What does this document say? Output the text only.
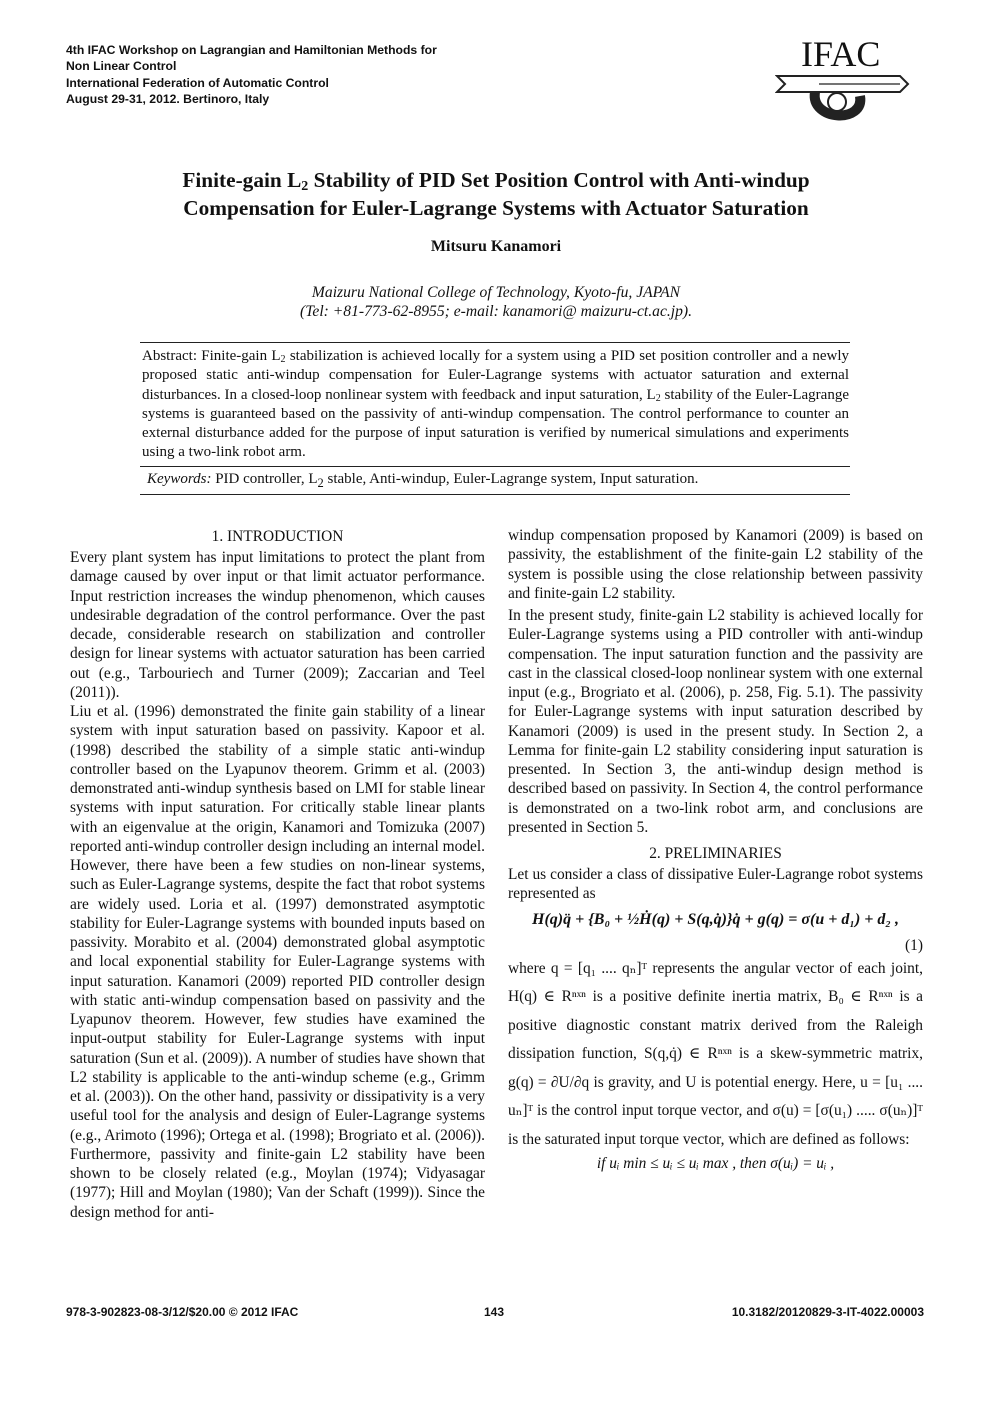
4th IFAC Workshop on Lagrangian and Hamiltonian Methods for
Non Linear Control
International Federation of Automatic Control
August 29-31, 2012. Bertinoro, Italy
IFAC
Finite-gain $L_2$ Stability of PID Set Position Control with Anti-windup
Compensation for Euler-Lagrange Systems with Actuator Saturation
Mitsuru Kanamori
Maizuru National College of Technology, Kyoto-fu, JAPAN
(Tel: +81-773-62-8955; e-mail: kanamori@ maizuru-ct.ac.jp).
Abstract: Finite-gain $L_2$ stabilization is achieved locally for a system using a PID set position controller and a newly proposed static anti-windup compensation for Euler-Lagrange systems with actuator saturation and external disturbances. In a closed-loop nonlinear system with feedback and input saturation, $L_2$ stability of the Euler-Lagrange systems is guaranteed based on the passivity of anti-windup compensation. The control performance to counter an external disturbance added for the purpose of input saturation is verified by numerical simulations and experiments using a two-link robot arm.
Keywords: PID controller, $L_2$ stable, Anti-windup, Euler-Lagrange system, Input saturation.

1. INTRODUCTION

Every plant system has input limitations to protect the plant from damage caused by over input or that limit actuator performance. Input restriction increases the windup phenomenon, which causes undesirable degradation of the control performance. Over the past decade, considerable research on stabilization and controller design for linear systems with actuator saturation has been carried out (e.g., Tarbouriech and Turner (2009); Zaccarian and Teel (2011)).

Liu et al. (1996) demonstrated the finite gain stability of a linear system with input saturation based on passivity. Kapoor et al. (1998) described the stability of a simple static anti-windup controller based on the Lyapunov theorem. Grimm et al. (2003) demonstrated anti-windup synthesis based on LMI for stable linear systems with input saturation. For critically stable linear plants with an eigenvalue at the origin, Kanamori and Tomizuka (2007) reported anti-windup controller design including an internal model. However, there have been a few studies on non-linear systems, such as Euler-Lagrange systems, despite the fact that robot systems are widely used. Loria et al. (1997) demonstrated asymptotic stability for Euler-Lagrange systems with bounded inputs based on passivity. Morabito et al. (2004) demonstrated global asymptotic and local exponential stability for Euler-Lagrange systems with input saturation. Kanamori (2009) reported PID controller design with static anti-windup compensation based on passivity and the Lyapunov theorem. However, few studies have examined the input-output stability for Euler-Lagrange systems with input saturation (Sun et al. (2009)). A number of studies have shown that L2 stability is applicable to the anti-windup scheme (e.g., Grimm et al. (2003)). On the other hand, passivity or dissipativity is a very useful tool for the analysis and design of Euler-Lagrange systems (e.g., Arimoto (1996); Ortega et al. (1998); Brogriato et al. (2006)). Furthermore, passivity and finite-gain L2 stability have been shown to be closely related (e.g., Moylan (1974); Vidyasagar (1977); Hill and Moylan (1980); Van der Schaft (1999)). Since the design method for anti-

windup compensation proposed by Kanamori (2009) is based on passivity, the establishment of the finite-gain L2 stability of the system is possible using the close relationship between passivity and finite-gain L2 stability.

In the present study, finite-gain L2 stability is achieved locally for Euler-Lagrange systems using a PID controller with anti-windup compensation. The input saturation function and the passivity are cast in the classical closed-loop nonlinear system with one external input (e.g., Brogriato et al. (2006), p. 258, Fig. 5.1). The passivity for Euler-Lagrange systems with input saturation described by Kanamori (2009) is used in the present study. In Section 2, a Lemma for finite-gain L2 stability considering input saturation is presented. In Section 3, the anti-windup design method is described based on passivity. In Section 4, the control performance is demonstrated on a two-link robot arm, and conclusions are presented in Section 5.

2. PRELIMINARIES

Let us consider a class of dissipative Euler-Lagrange robot systems represented as

H(q)q̈ + {B₀ + ½Ḣ(q) + S(q,q̇)}q̇ + g(q) = σ(u + d₁) + d₂ ,

(1)

where q = [q₁ .... qₙ]ᵀ represents the angular vector of each joint, H(q) ∈ Rⁿˣⁿ is a positive definite inertia matrix, B₀ ∈ Rⁿˣⁿ is a positive diagnostic constant matrix derived from the Raleigh dissipation function, S(q,q̇) ∈ Rⁿˣⁿ is a skew-symmetric matrix, g(q) = ∂U/∂q is gravity, and U is potential energy. Here, u = [u₁ .... uₙ]ᵀ is the control input torque vector, and σ(u) = [σ(u₁) ..... σ(uₙ)]ᵀ is the saturated input torque vector, which are defined as follows:

if uᵢ min ≤ uᵢ ≤ uᵢ max , then σ(uᵢ) = uᵢ ,

978-3-902823-08-3/12/$20.00 © 2012 IFAC	143	10.3182/20120829-3-IT-4022.00003
